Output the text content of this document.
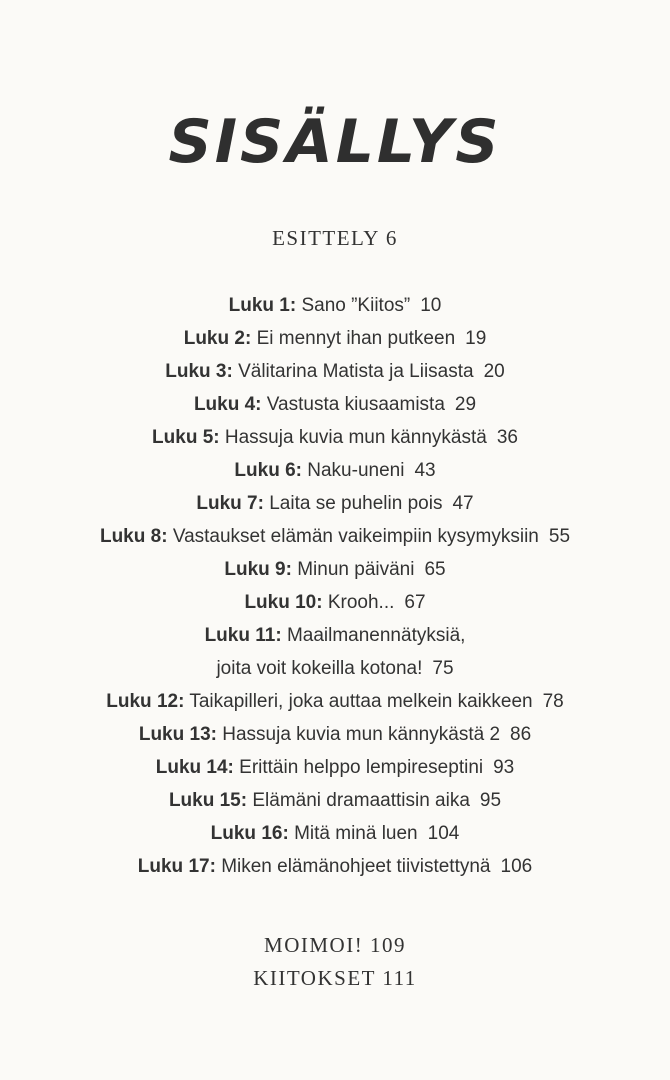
SISÄLLYS
ESITTELY 6
Luku 1: Sano ”Kiitos” 10
Luku 2: Ei mennyt ihan putkeen 19
Luku 3: Välitarina Matista ja Liisasta 20
Luku 4: Vastusta kiusaamista 29
Luku 5: Hassuja kuvia mun kännykästä 36
Luku 6: Naku-uneni 43
Luku 7: Laita se puhelin pois 47
Luku 8: Vastaukset elämän vaikeimpiin kysymyksiin 55
Luku 9: Minun päiväni 65
Luku 10: Krooh... 67
Luku 11: Maailmanennätyksiä,
joita voit kokeilla kotona! 75
Luku 12: Taikapilleri, joka auttaa melkein kaikkeen 78
Luku 13: Hassuja kuvia mun kännykästä 2 86
Luku 14: Erittäin helppo lempireseptini 93
Luku 15: Elämäni dramaattisin aika 95
Luku 16: Mitä minä luen 104
Luku 17: Miken elämänohjeet tiivistettynä 106
MOIMOI! 109
KIITOKSET 111
